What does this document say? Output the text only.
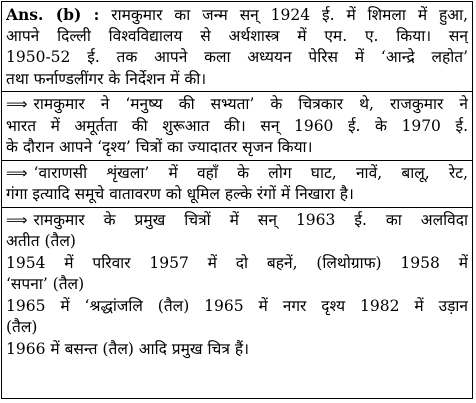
Ans. (b) : रामकुमार का जन्म सन् 1924 ई. में शिमला में हुआ,
आपने दिल्ली विश्वविद्यालय से अर्थशास्त्र में एम. ए. किया। सन्
1950-52 ई. तक आपने कला अध्ययन पेरिस में ‘आन्द्रे लहोत’
तथा फर्नाण्डलींगर के निर्देशन में की।
⟹ रामकुमार ने ‘मनुष्य की सभ्यता’ के चित्रकार थे, राजकुमार ने
भारत में अमूर्तता की शुरूआत की। सन् 1960 ई. के 1970 ई.
के दौरान आपने ‘दृश्य’ चित्रों का ज्यादातर सृजन किया।
⟹ ‘वाराणसी शृंखला’ में वहाँ के लोग घाट, नावें, बालू, रेट,
गंगा इत्यादि समूचे वातावरण को धूमिल हल्के रंगों में निखारा है।
⟹ रामकुमार के प्रमुख चित्रों में सन् 1963 ई. का अलविदा
अतीत (तैल)
1954 में परिवार 1957 में दो बहनें, (लिथोग्राफ) 1958 में
‘सपना’ (तैल)
1965 में ‘श्रद्धांजलि (तैल) 1965 में नगर दृश्य 1982 में उड़ान
(तैल)
1966 में बसन्त (तैल) आदि प्रमुख चित्र हैं।
